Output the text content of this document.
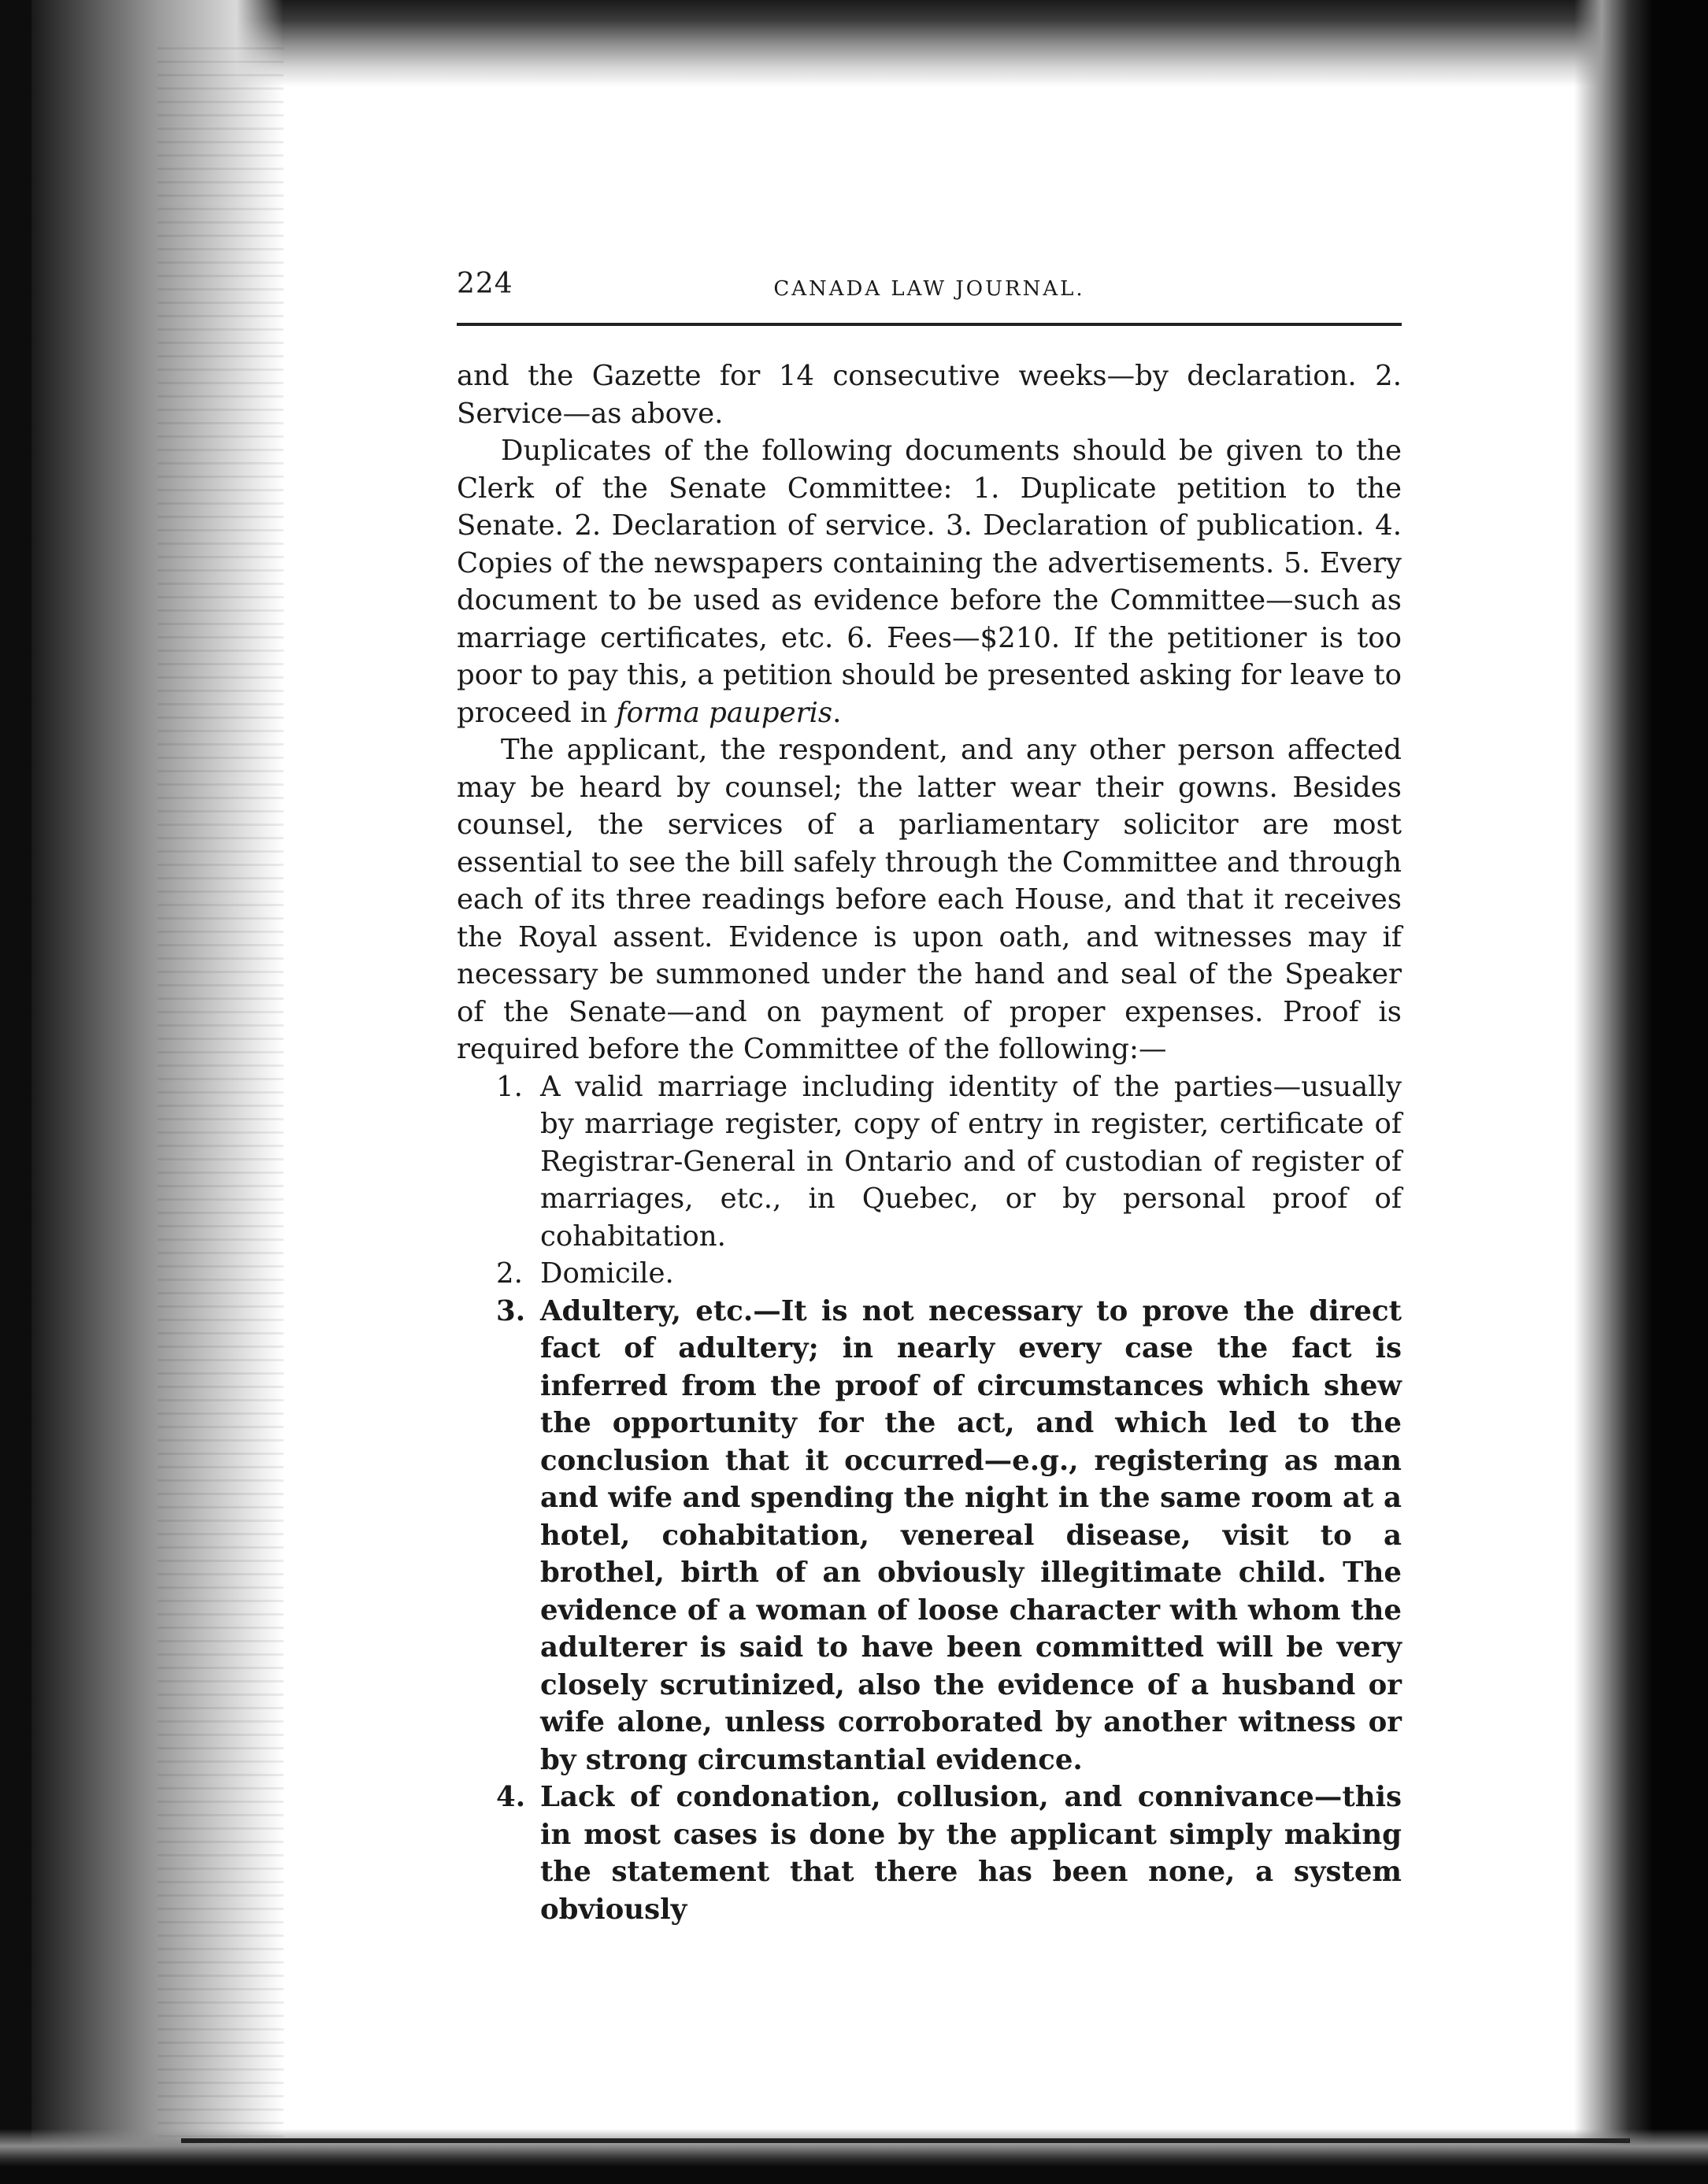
224	CANADA LAW JOURNAL.

and the Gazette for 14 consecutive weeks—by declaration. 2. Service—as above.

Duplicates of the following documents should be given to the Clerk of the Senate Committee: 1. Duplicate petition to the Senate. 2. Declaration of service. 3. Declaration of publication. 4. Copies of the newspapers containing the advertisements. 5. Every document to be used as evidence before the Committee—such as marriage certificates, etc. 6. Fees—$210. If the petitioner is too poor to pay this, a petition should be presented asking for leave to proceed in forma pauperis.

The applicant, the respondent, and any other person affected may be heard by counsel; the latter wear their gowns. Besides counsel, the services of a parliamentary solicitor are most essential to see the bill safely through the Committee and through each of its three readings before each House, and that it receives the Royal assent. Evidence is upon oath, and witnesses may if necessary be summoned under the hand and seal of the Speaker of the Senate—and on payment of proper expenses. Proof is required before the Committee of the following:—

1. A valid marriage including identity of the parties—usually by marriage register, copy of entry in register, certificate of Registrar-General in Ontario and of custodian of register of marriages, etc., in Quebec, or by personal proof of cohabitation.
2. Domicile.
3. Adultery, etc.—It is not necessary to prove the direct fact of adultery; in nearly every case the fact is inferred from the proof of circumstances which shew the opportunity for the act, and which led to the conclusion that it occurred—e.g., registering as man and wife and spending the night in the same room at a hotel, cohabitation, venereal disease, visit to a brothel, birth of an obviously illegitimate child. The evidence of a woman of loose character with whom the adulterer is said to have been committed will be very closely scrutinized, also the evidence of a husband or wife alone, unless corroborated by another witness or by strong circumstantial evidence.
4. Lack of condonation, collusion, and connivance—this in most cases is done by the applicant simply making the statement that there has been none, a system obviously
